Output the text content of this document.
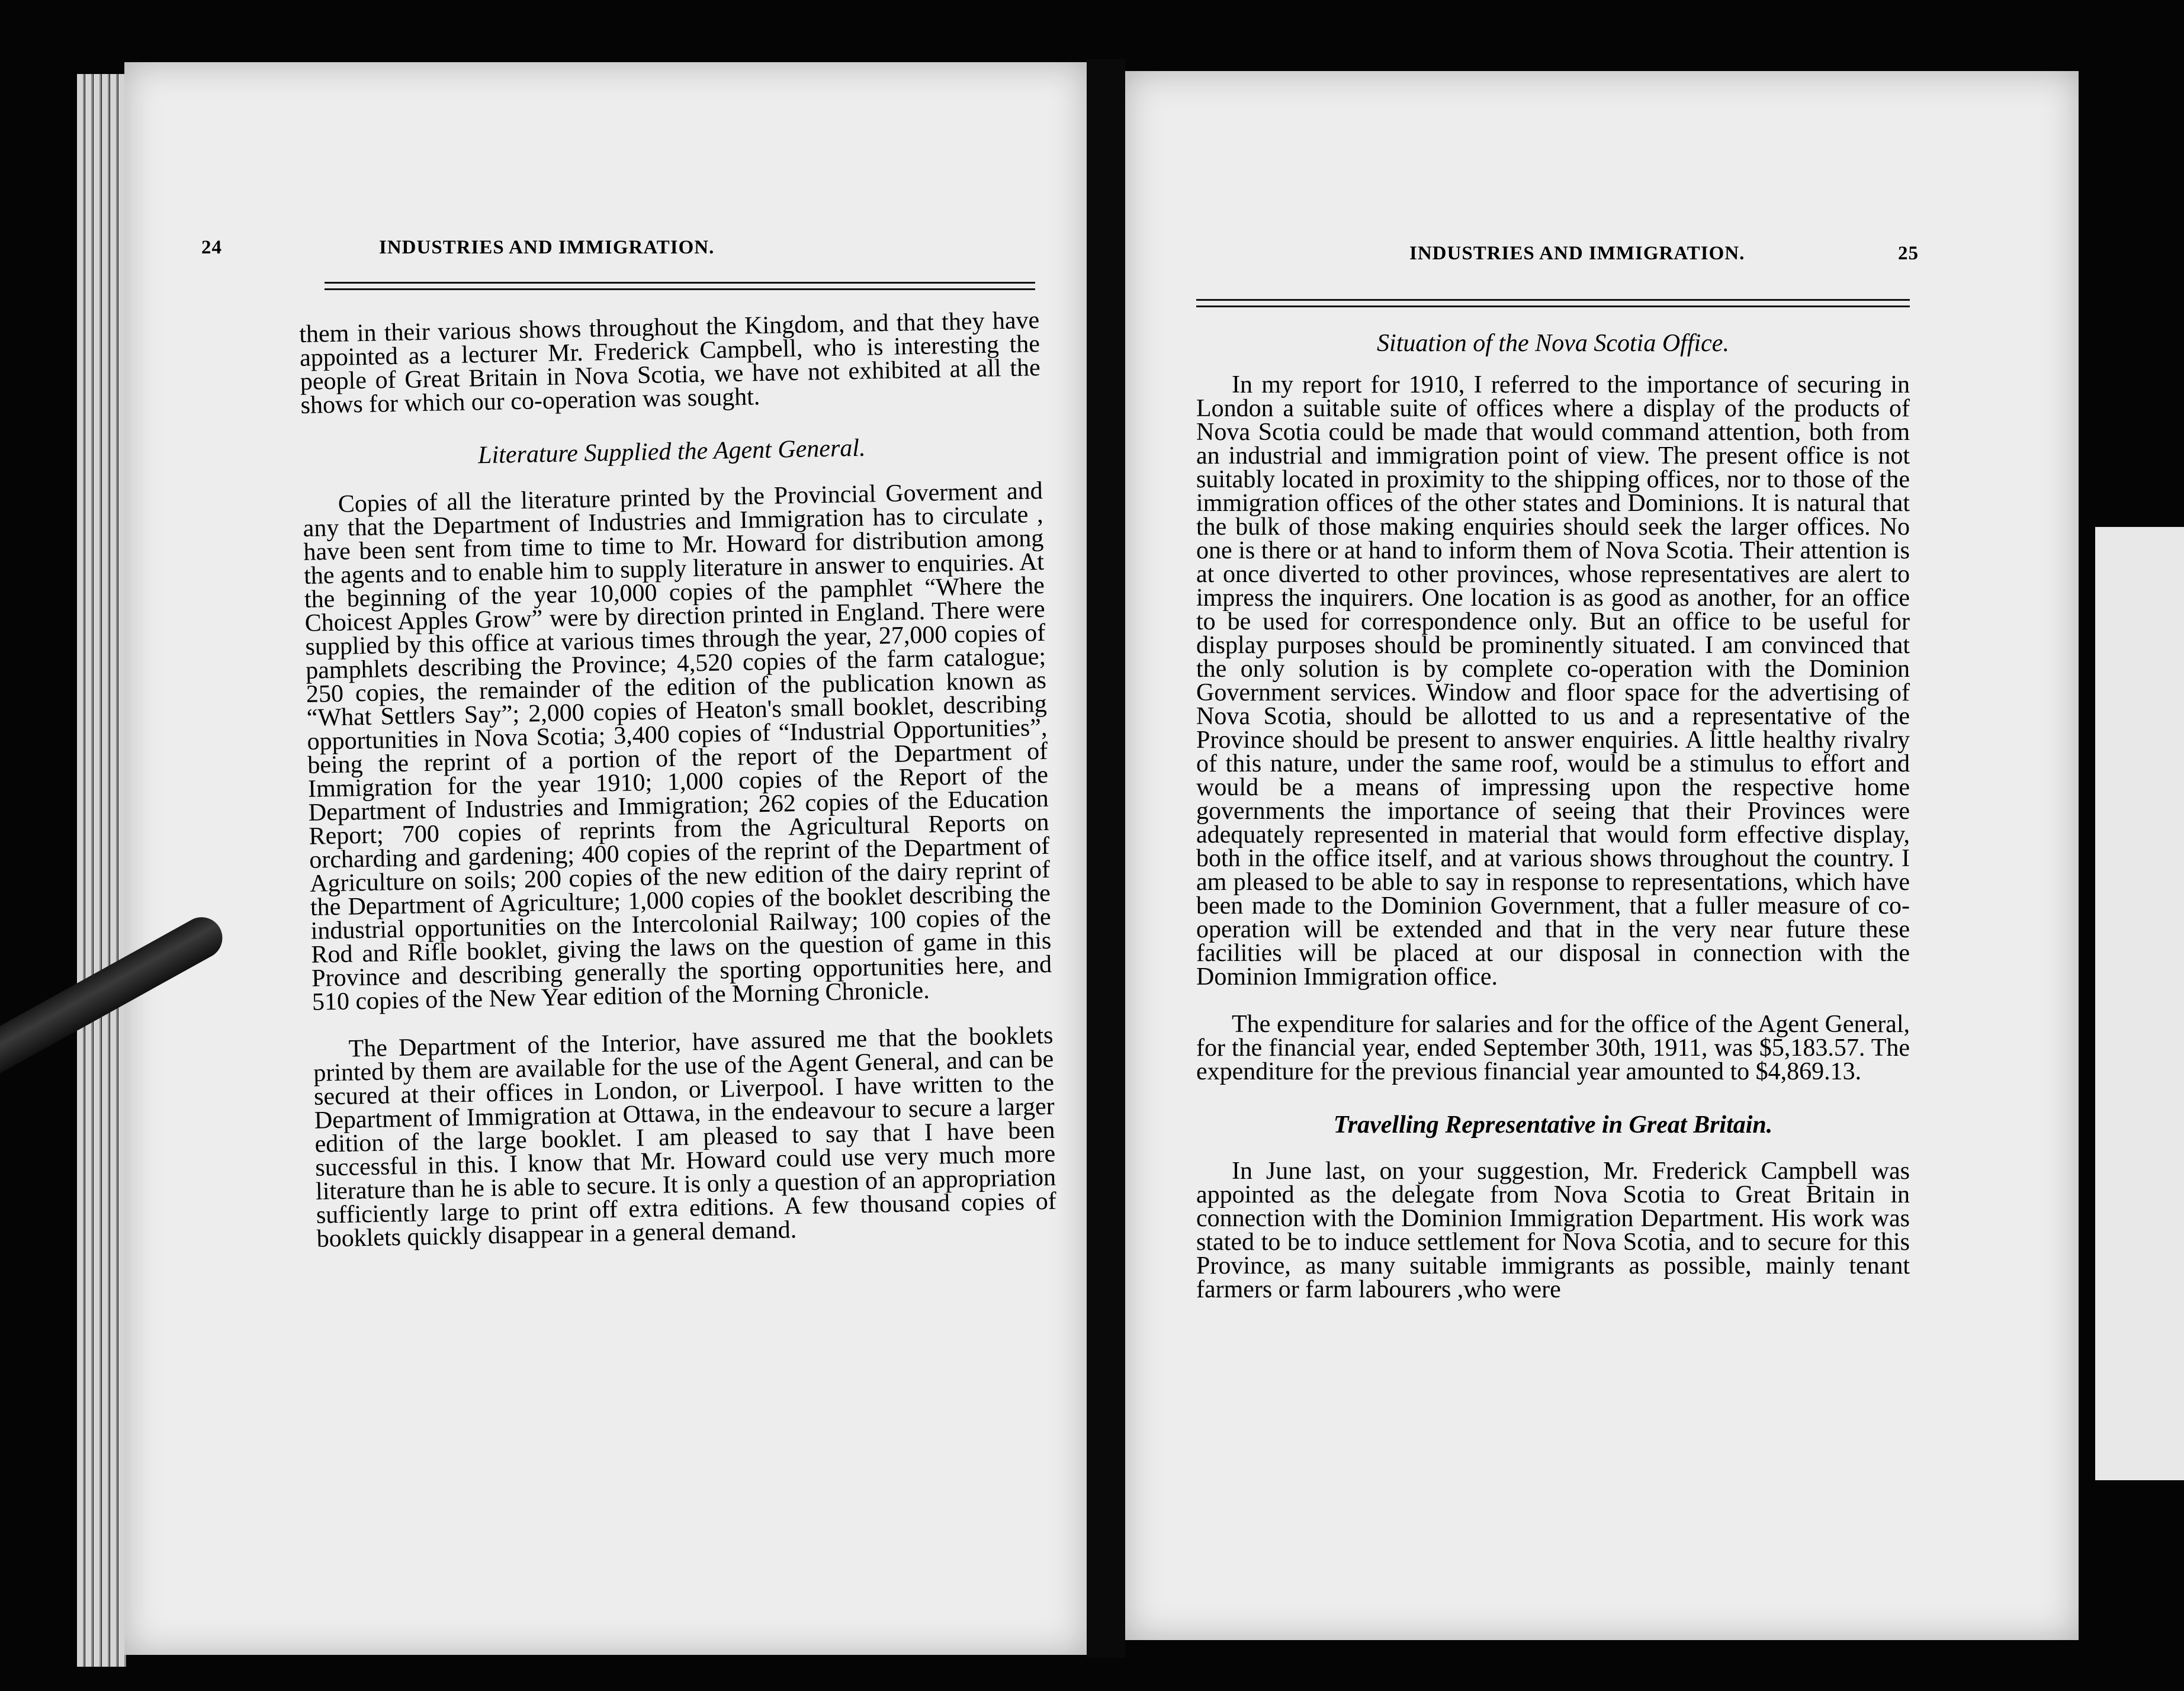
24	INDUSTRIES AND IMMIGRATION.

them in their various shows throughout the Kingdom, and that they have appointed as a lecturer Mr. Frederick Campbell, who is interesting the people of Great Britain in Nova Scotia, we have not exhibited at all the shows for which our co-operation was sought.

Literature Supplied the Agent General.

Copies of all the literature printed by the Provincial Goverment and any that the Department of Industries and Immigration has to circulate , have been sent from time to time to Mr. Howard for distribution among the agents and to enable him to supply literature in answer to enquiries. At the beginning of the year 10,000 copies of the pamphlet “Where the Choicest Apples Grow” were by direction printed in England. There were supplied by this office at various times through the year, 27,000 copies of pamphlets describing the Province; 4,520 copies of the farm catalogue; 250 copies, the remainder of the edition of the publication known as “What Settlers Say”; 2,000 copies of Heaton's small booklet, describing opportunities in Nova Scotia; 3,400 copies of “Industrial Opportunities”, being the reprint of a portion of the report of the Department of Immigration for the year 1910; 1,000 copies of the Report of the Department of Industries and Immigration; 262 copies of the Education Report; 700 copies of reprints from the Agricultural Reports on orcharding and gardening; 400 copies of the reprint of the Department of Agriculture on soils; 200 copies of the new edition of the dairy reprint of the Department of Agriculture; 1,000 copies of the booklet describing the industrial opportunities on the Intercolonial Railway; 100 copies of the Rod and Rifle booklet, giving the laws on the question of game in this Province and describing generally the sporting opportunities here, and 510 copies of the New Year edition of the Morning Chronicle.

The Department of the Interior, have assured me that the booklets printed by them are available for the use of the Agent General, and can be secured at their offices in London, or Liverpool. I have written to the Department of Immigration at Ottawa, in the endeavour to secure a larger edition of the large booklet. I am pleased to say that I have been successful in this. I know that Mr. Howard could use very much more literature than he is able to secure. It is only a question of an appropriation sufficiently large to print off extra editions. A few thousand copies of booklets quickly disappear in a general demand.

INDUSTRIES AND IMMIGRATION.	25
Situation of the Nova Scotia Office.

In my report for 1910, I referred to the importance of securing in London a suitable suite of offices where a display of the products of Nova Scotia could be made that would command attention, both from an industrial and immigration point of view. The present office is not suitably located in proximity to the shipping offices, nor to those of the immigration offices of the other states and Dominions. It is natural that the bulk of those making enquiries should seek the larger offices. No one is there or at hand to inform them of Nova Scotia. Their attention is at once diverted to other provinces, whose representatives are alert to impress the inquirers. One location is as good as another, for an office to be used for correspondence only. But an office to be useful for display purposes should be prominently situated. I am convinced that the only solution is by complete co-operation with the Dominion Government services. Window and floor space for the advertising of Nova Scotia, should be allotted to us and a representative of the Province should be present to answer enquiries. A little healthy rivalry of this nature, under the same roof, would be a stimulus to effort and would be a means of impressing upon the respective home governments the importance of seeing that their Provinces were adequately represented in material that would form effective display, both in the office itself, and at various shows throughout the country. I am pleased to be able to say in response to representations, which have been made to the Dominion Government, that a fuller measure of co-operation will be extended and that in the very near future these facilities will be placed at our disposal in connection with the Dominion Immigration office.

The expenditure for salaries and for the office of the Agent General, for the financial year, ended September 30th, 1911, was $5,183.57. The expenditure for the previous financial year amounted to $4,869.13.

Travelling Representative in Great Britain.

In June last, on your suggestion, Mr. Frederick Campbell was appointed as the delegate from Nova Scotia to Great Britain in connection with the Dominion Immigration Department. His work was stated to be to induce settlement for Nova Scotia, and to secure for this Province, as many suitable immigrants as possible, mainly tenant farmers or farm labourers ,who were
